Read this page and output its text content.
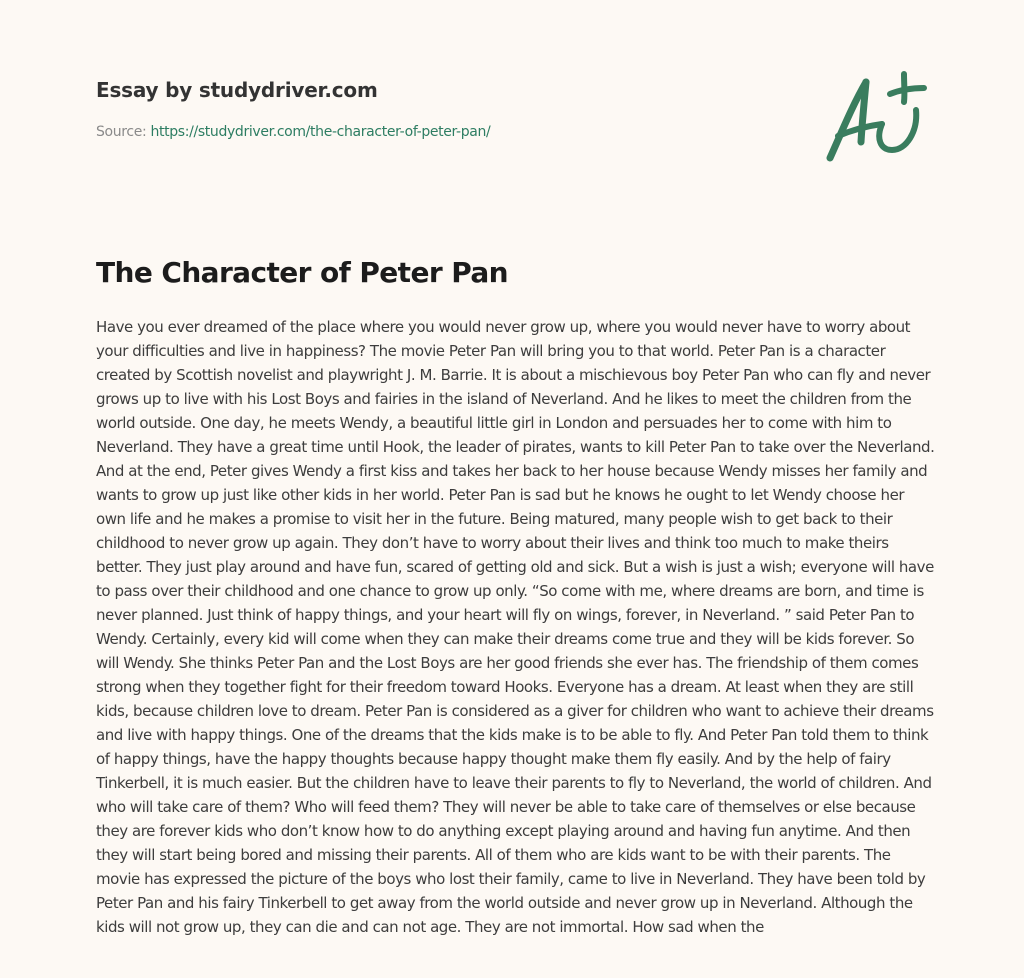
Essay by studydriver.com
Source: https://studydriver.com/the-character-of-peter-pan/
The Character of Peter Pan

Have you ever dreamed of the place where you would never grow up, where you would never have to worry about your difficulties and live in happiness? The movie Peter Pan will bring you to that world. Peter Pan is a character created by Scottish novelist and playwright J. M. Barrie. It is about a mischievous boy Peter Pan who can fly and never grows up to live with his Lost Boys and fairies in the island of Neverland. And he likes to meet the children from the world outside. One day, he meets Wendy, a beautiful little girl in London and persuades her to come with him to Neverland. They have a great time until Hook, the leader of pirates, wants to kill Peter Pan to take over the Neverland. And at the end, Peter gives Wendy a first kiss and takes her back to her house because Wendy misses her family and wants to grow up just like other kids in her world. Peter Pan is sad but he knows he ought to let Wendy choose her own life and he makes a promise to visit her in the future. Being matured, many people wish to get back to their childhood to never grow up again. They don’t have to worry about their lives and think too much to make theirs better. They just play around and have fun, scared of getting old and sick. But a wish is just a wish; everyone will have to pass over their childhood and one chance to grow up only. “So come with me, where dreams are born, and time is never planned. Just think of happy things, and your heart will fly on wings, forever, in Neverland. ” said Peter Pan to Wendy. Certainly, every kid will come when they can make their dreams come true and they will be kids forever. So will Wendy. She thinks Peter Pan and the Lost Boys are her good friends she ever has. The friendship of them comes strong when they together fight for their freedom toward Hooks. Everyone has a dream. At least when they are still kids, because children love to dream. Peter Pan is considered as a giver for children who want to achieve their dreams and live with happy things. One of the dreams that the kids make is to be able to fly. And Peter Pan told them to think of happy things, have the happy thoughts because happy thought make them fly easily. And by the help of fairy Tinkerbell, it is much easier. But the children have to leave their parents to fly to Neverland, the world of children. And who will take care of them? Who will feed them? They will never be able to take care of themselves or else because they are forever kids who don’t know how to do anything except playing around and having fun anytime. And then they will start being bored and missing their parents. All of them who are kids want to be with their parents. The movie has expressed the picture of the boys who lost their family, came to live in Neverland. They have been told by Peter Pan and his fairy Tinkerbell to get away from the world outside and never grow up in Neverland. Although the kids will not grow up, they can die and can not age. They are not immortal. How sad when the
